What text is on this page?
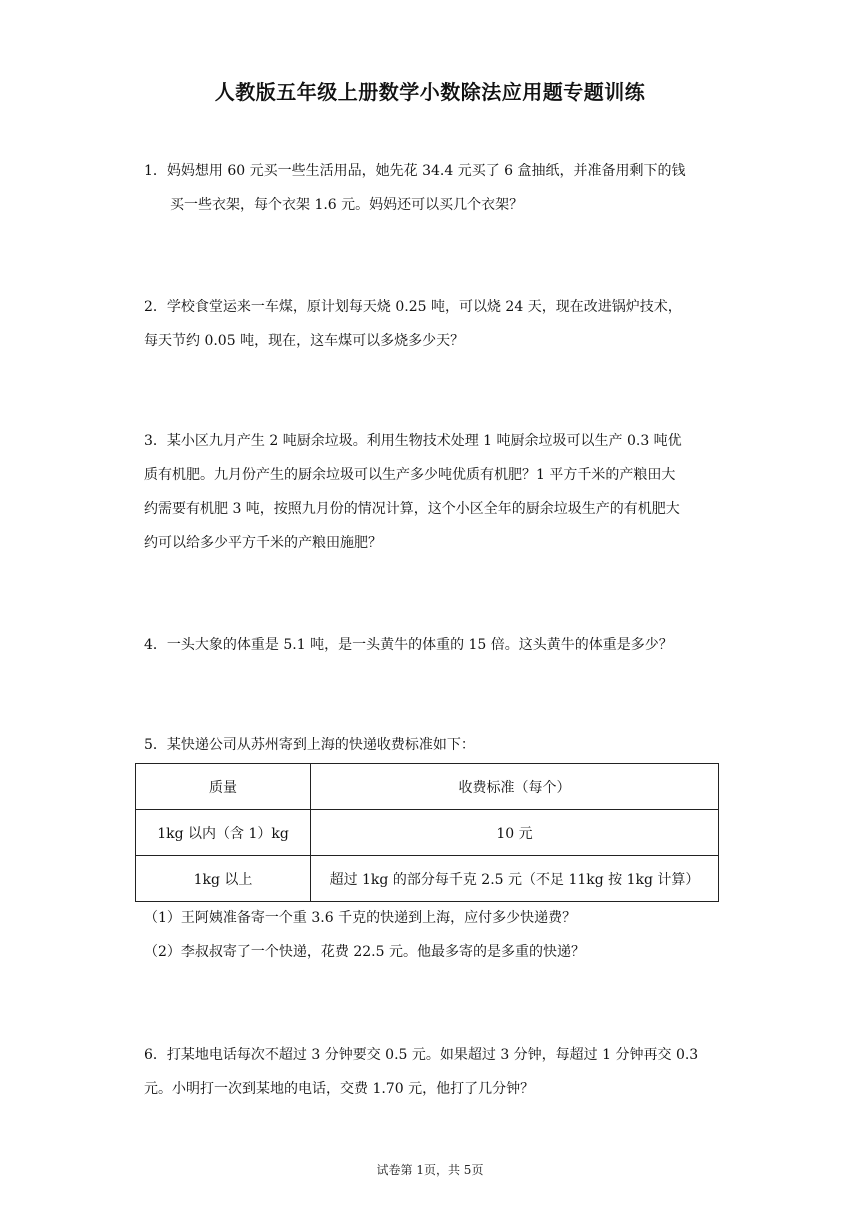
人教版五年级上册数学小数除法应用题专题训练

1．妈妈想用 60 元买一些生活用品，她先花 34.4 元买了 6 盒抽纸，并准备用剩下的钱

买一些衣架，每个衣架 1.6 元。妈妈还可以买几个衣架？

2．学校食堂运来一车煤，原计划每天烧 0.25 吨，可以烧 24 天，现在改进锅炉技术，

每天节约 0.05 吨，现在，这车煤可以多烧多少天？

3．某小区九月产生 2 吨厨余垃圾。利用生物技术处理 1 吨厨余垃圾可以生产 0.3 吨优

质有机肥。九月份产生的厨余垃圾可以生产多少吨优质有机肥？1 平方千米的产粮田大

约需要有机肥 3 吨，按照九月份的情况计算，这个小区全年的厨余垃圾生产的有机肥大

约可以给多少平方千米的产粮田施肥？

4．一头大象的体重是 5.1 吨，是一头黄牛的体重的 15 倍。这头黄牛的体重是多少？

5．某快递公司从苏州寄到上海的快递收费标准如下：

质量	收费标准（每个）
1kg 以内（含 1）kg	10 元
1kg 以上	超过 1kg 的部分每千克 2.5 元（不足 11kg 按 1kg 计算）
（1）王阿姨准备寄一个重 3.6 千克的快递到上海，应付多少快递费？
（2）李叔叔寄了一个快递，花费 22.5 元。他最多寄的是多重的快递？

6．打某地电话每次不超过 3 分钟要交 0.5 元。如果超过 3 分钟，每超过 1 分钟再交 0.3

元。小明打一次到某地的电话，交费 1.70 元，他打了几分钟？

试卷第 1页，共 5页
